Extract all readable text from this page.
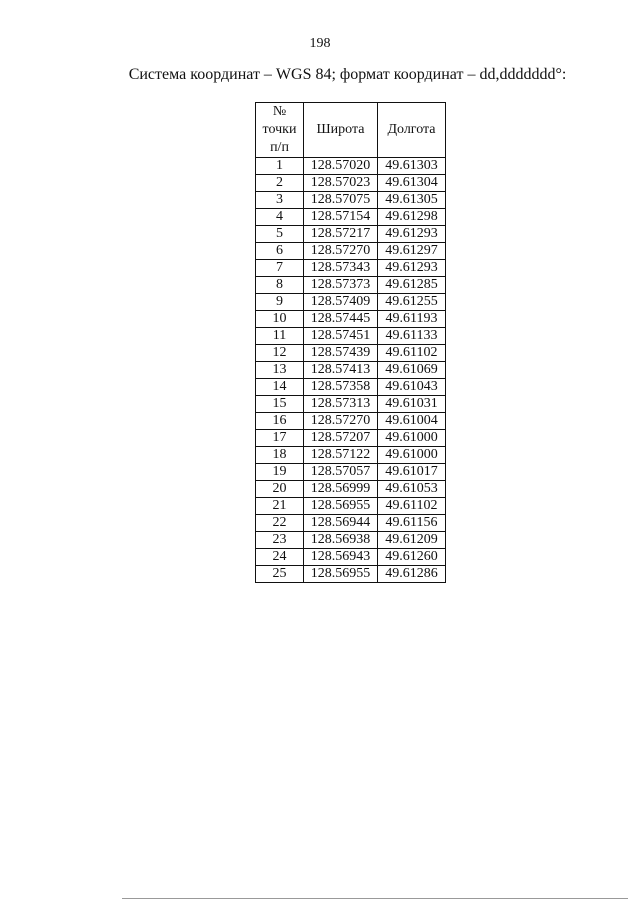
198
Система координат – WGS 84; формат координат – dd,ddddddd°:
№
точки
п/п	Широта	Долгота
1	128.57020	49.61303
2	128.57023	49.61304
3	128.57075	49.61305
4	128.57154	49.61298
5	128.57217	49.61293
6	128.57270	49.61297
7	128.57343	49.61293
8	128.57373	49.61285
9	128.57409	49.61255
10	128.57445	49.61193
11	128.57451	49.61133
12	128.57439	49.61102
13	128.57413	49.61069
14	128.57358	49.61043
15	128.57313	49.61031
16	128.57270	49.61004
17	128.57207	49.61000
18	128.57122	49.61000
19	128.57057	49.61017
20	128.56999	49.61053
21	128.56955	49.61102
22	128.56944	49.61156
23	128.56938	49.61209
24	128.56943	49.61260
25	128.56955	49.61286
